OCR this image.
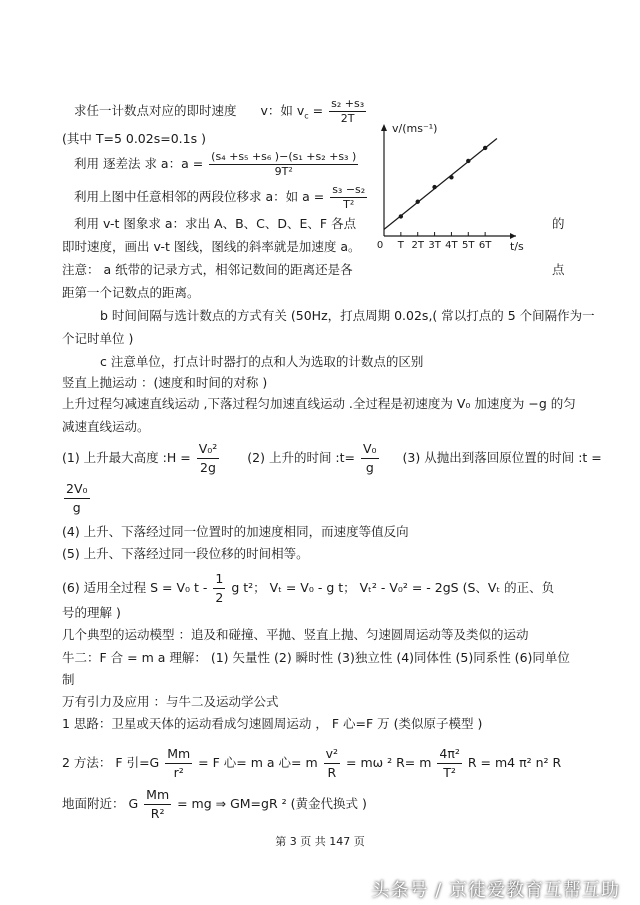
求任一计数点对应的即时速度 v：如 $v_c = \frac{\text{s₂ +s₃}}{2T}$
(其中 T=5 0.02s=0.1s )
利用 逐差法 求 a：$a = \frac{\text{(s₄ +s₅ +s₆ )−(s₁ +s₂ +s₃ )}}{\text{9T²}}$
利用上图中任意相邻的两段位移求 a：如 $a = \frac{\text{s₃ −s₂}}{\text{T²}}$
利用 v-t 图象求 a：求出 A、B、C、D、E、F 各点	的
即时速度，画出 v-t 图线，图线的斜率就是加速度 a。
注意： a 纸带的记录方式，相邻记数间的距离还是各	点
距第一个记数点的距离。
b 时间间隔与选计数点的方式有关 (50Hz，打点周期 0.02s,( 常以打点的 5 个间隔作为一
个记时单位 )
c 注意单位，打点计时器打的点和人为选取的计数点的区别
竖直上抛运动 ：(速度和时间的对称 )
上升过程匀减速直线运动 ,下落过程匀加速直线运动 .全过程是初速度为 V₀ 加速度为 −g 的匀
减速直线运动。
(1) 上升最大高度 :H = $\frac{\text{V₀²}}{2g} (2)$ 上升的时间 :t= $\frac{\text{V₀}}{g} (3)$ 从抛出到落回原位置的时间 :t =
$\frac{\text{2V₀}}{g}$
(4) 上升、下落经过同一位置时的加速度相同，而速度等值反向
(5) 上升、下落经过同一段位移的时间相等。
(6) 适用全过程 S = V₀ t - $\frac{1}{2}$ g t²； Vₜ = V₀ - g t； Vₜ² - V₀² = - 2gS (S、Vₜ 的正、负
号的理解 )
几个典型的运动模型 ：追及和碰撞、平抛、竖直上抛、匀速圆周运动等及类似的运动
牛二：F 合 = m a 理解： (1) 矢量性 (2) 瞬时性 (3)独立性 (4)同体性 (5)同系性 (6)同单位
制
万有引力及应用 ：与牛二及运动学公式
1 思路：卫星或天体的运动看成匀速圆周运动 ， F 心=F 万 (类似原子模型 )
2 方法： F 引$=G \frac{Mm}{\text{r²}} = F$ 心= m a 心= m $\frac{\text{v²}}{R} = m\omega$ ² R= m $\frac{\text{4π²}}{\text{T²}}$ R = m4 π² n² R
地面附近： G $\frac{Mm}{\text{R²}}$ = mg ⇒ GM=gR ² (黄金代换式 )
第 3 页 共 147 页
头条号 / 京徒爱教育互帮互助
v/(ms⁻¹)
t/s
0 T 2T 3T 4T 5T 6T
